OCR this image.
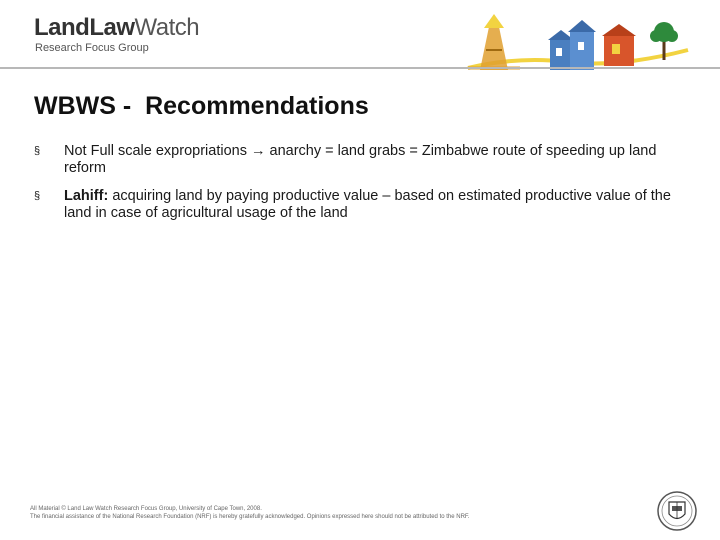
LandLawWatch
Research Focus Group
WBWS -  Recommendations
§ Not Full scale expropriations → anarchy = land grabs = Zimbabwe route of speeding up land reform
§ Lahiff: acquiring land by paying productive value – based on estimated productive value of the land in case of agricultural usage of the land
All Material © Land Law Watch Research Focus Group, University of Cape Town, 2008.
The financial assistance of the National Research Foundation (NRF) is hereby gratefully acknowledged. Opinions expressed here should not be attributed to the NRF.
